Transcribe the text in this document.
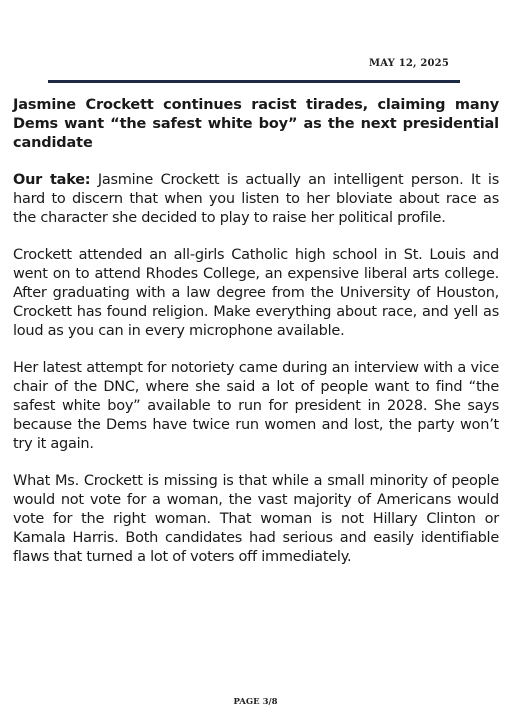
MAY 12, 2025
Jasmine Crockett continues racist tirades, claiming many Dems want “the safest white boy” as the next presidential candidate

Our take: Jasmine Crockett is actually an intelligent person. It is hard to discern that when you listen to her bloviate about race as the character she decided to play to raise her political profile.

Crockett attended an all-girls Catholic high school in St. Louis and went on to attend Rhodes College, an expensive liberal arts college. After graduating with a law degree from the University of Houston, Crockett has found religion. Make everything about race, and yell as loud as you can in every microphone available.

Her latest attempt for notoriety came during an interview with a vice chair of the DNC, where she said a lot of people want to find “the safest white boy” available to run for president in 2028. She says because the Dems have twice run women and lost, the party won’t try it again.

What Ms. Crockett is missing is that while a small minority of people would not vote for a woman, the vast majority of Americans would vote for the right woman. That woman is not Hillary Clinton or Kamala Harris. Both candidates had serious and easily identifiable flaws that turned a lot of voters off immediately.

PAGE 3/8
